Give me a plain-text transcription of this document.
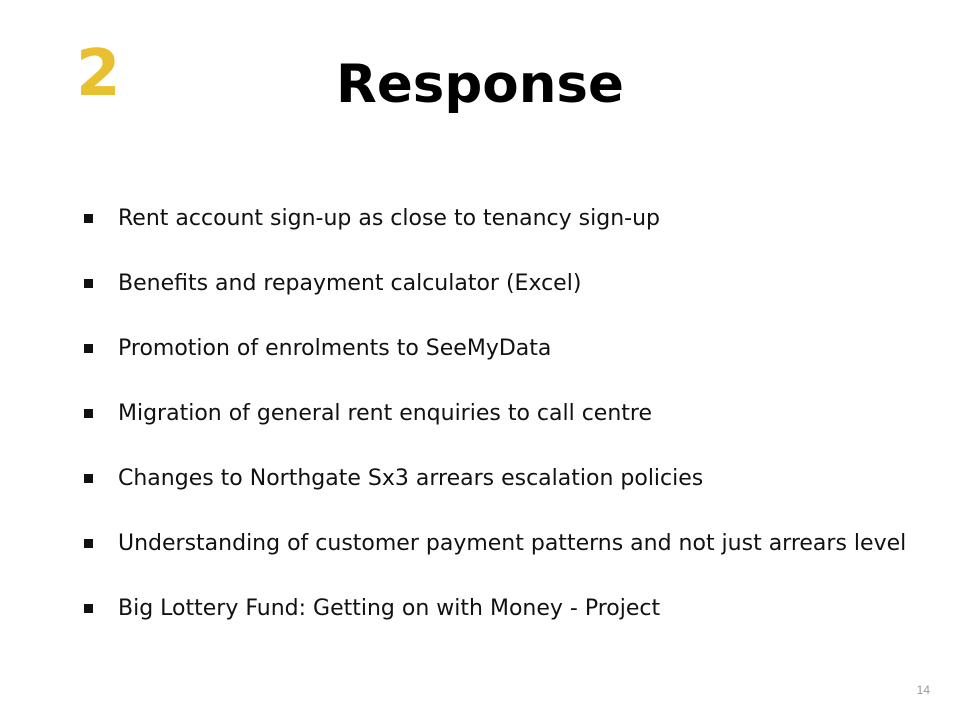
2	Response
Rent account sign-up as close to tenancy sign-up
Benefits and repayment calculator (Excel)
Promotion of enrolments to SeeMyData
Migration of general rent enquiries to call centre
Changes to Northgate Sx3 arrears escalation policies
Understanding of customer payment patterns and not just arrears level
Big Lottery Fund: Getting on with Money - Project
14
